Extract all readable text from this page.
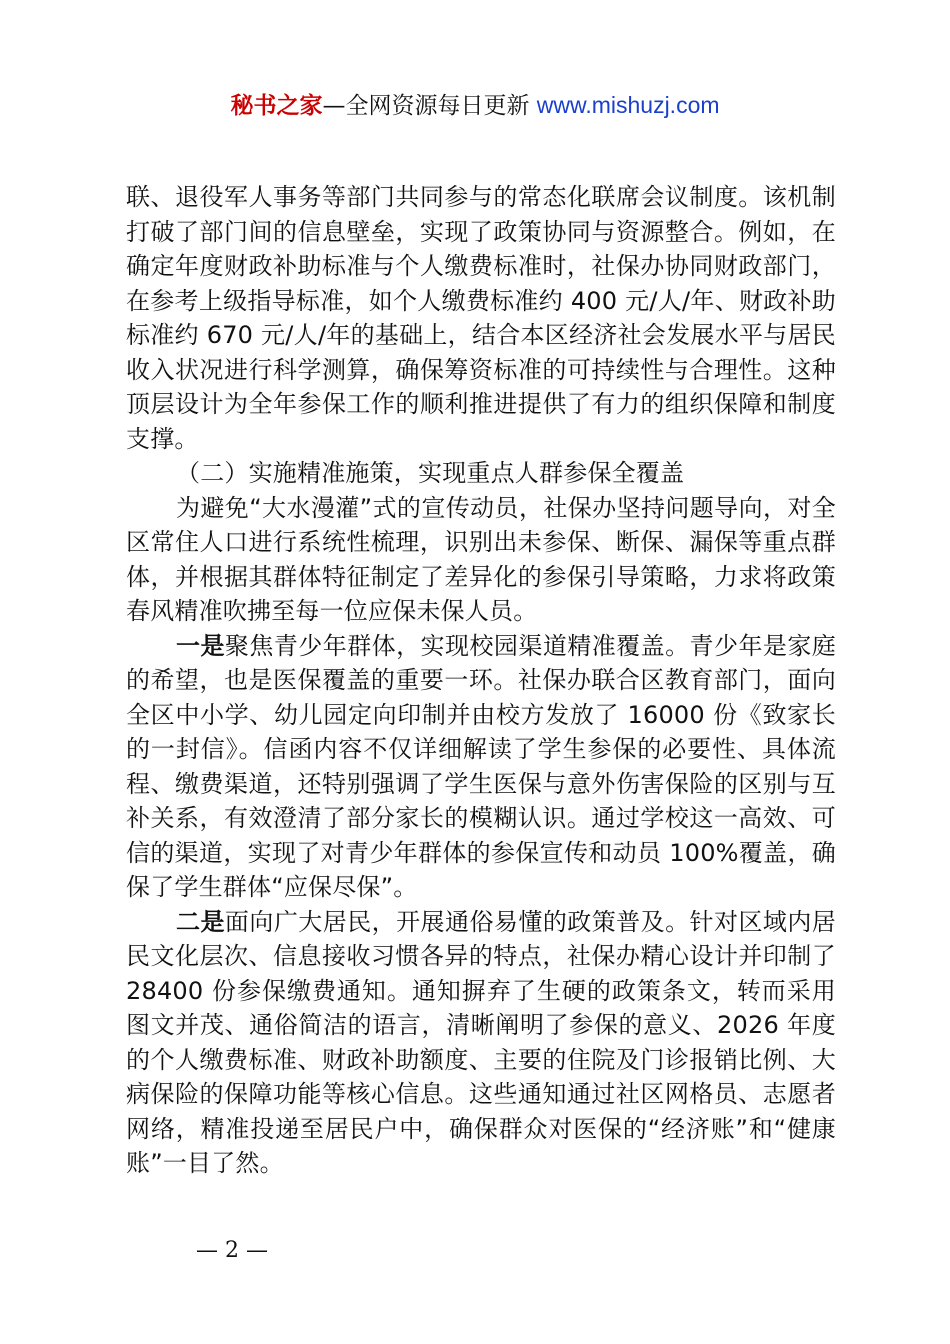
秘书之家—全网资源每日更新 www.mishuzj.com

联、退役军人事务等部门共同参与的常态化联席会议制度。该机制打破了部门间的信息壁垒，实现了政策协同与资源整合。例如，在确定年度财政补助标准与个人缴费标准时，社保办协同财政部门，在参考上级指导标准，如个人缴费标准约 400 元/人/年、财政补助标准约 670 元/人/年的基础上，结合本区经济社会发展水平与居民收入状况进行科学测算，确保筹资标准的可持续性与合理性。这种顶层设计为全年参保工作的顺利推进提供了有力的组织保障和制度支撑。

（二）实施精准施策，实现重点人群参保全覆盖

为避免“大水漫灌”式的宣传动员，社保办坚持问题导向，对全区常住人口进行系统性梳理，识别出未参保、断保、漏保等重点群体，并根据其群体特征制定了差异化的参保引导策略，力求将政策春风精准吹拂至每一位应保未保人员。

一是聚焦青少年群体，实现校园渠道精准覆盖。青少年是家庭的希望，也是医保覆盖的重要一环。社保办联合区教育部门，面向全区中小学、幼儿园定向印制并由校方发放了 16000 份《致家长的一封信》。信函内容不仅详细解读了学生参保的必要性、具体流程、缴费渠道，还特别强调了学生医保与意外伤害保险的区别与互补关系，有效澄清了部分家长的模糊认识。通过学校这一高效、可信的渠道，实现了对青少年群体的参保宣传和动员 100%覆盖，确保了学生群体“应保尽保”。

二是面向广大居民，开展通俗易懂的政策普及。针对区域内居民文化层次、信息接收习惯各异的特点，社保办精心设计并印制了 28400 份参保缴费通知。通知摒弃了生硬的政策条文，转而采用图文并茂、通俗简洁的语言，清晰阐明了参保的意义、2026 年度的个人缴费标准、财政补助额度、主要的住院及门诊报销比例、大病保险的保障功能等核心信息。这些通知通过社区网格员、志愿者网络，精准投递至居民户中，确保群众对医保的“经济账”和“健康账”一目了然。

— 2 —
